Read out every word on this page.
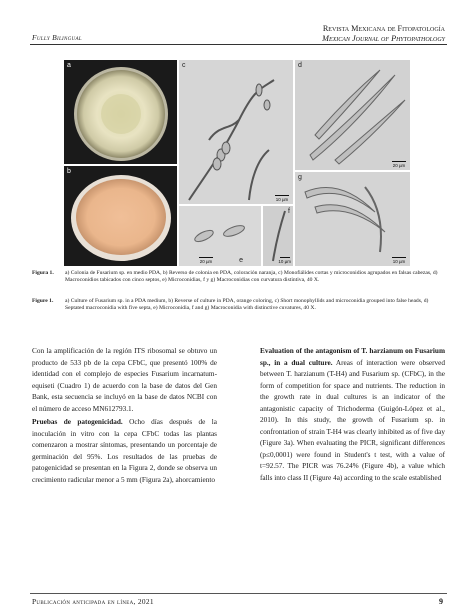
Fully Bilingual
Revista Mexicana de Fitopatología
Mexican Journal of Phytopathology
a
b
c
10 µm
d
20 µm
e
20 µm
f
10 µm
g
10 µm
Figura 1.	a) Colonia de Fusarium sp. en medio PDA, b) Reverso de colonia en PDA, coloración naranja, c) Monofiálides cortas y microconidios agrupados en falsas cabezas, d) Macroconidios tabicados con cinco septos, e) Microconidias, f y g) Macroconidias con curvatura distintiva, 40 X.
Figure 1.	a) Culture of Fusarium sp. in a PDA medium, b) Reverse of culture in PDA, orange coloring, c) Short monophyllids and microconidia grouped into false heads, d) Septated macroconidia with five septa, e) Microconidia, f and g) Macroconidia with distinctive cuvatures, 40 X.

Con la amplificación de la región ITS ribosomal se obtuvo un producto de 533 pb de la cepa CFbC, que presentó 100% de identidad con el complejo de especies Fusarium incarnatum-equiseti (Cuadro 1) de acuerdo con la base de datos del Gen Bank, esta secuencia se incluyó en la base de datos NCBI con el número de acceso MN612793.1.

Pruebas de patogenicidad. Ocho días después de la inoculación in vitro con la cepa CFbC todas las plantas comenzaron a mostrar síntomas, presentando un porcentaje de germinación del 95%. Los resultados de las pruebas de patogenicidad se presentan en la Figura 2, donde se observa un crecimiento radicular menor a 5 mm (Figura 2a), ahorcamiento

Evaluation of the antagonism of T. harzianum on Fusarium sp., in a dual culture. Areas of interaction were observed between T. harzianum (T-H4) and Fusarium sp. (CFbC), in the form of competition for space and nutrients. The reduction in the growth rate in dual cultures is an indicator of the antagonistic capacity of Trichoderma (Guigón-López et al., 2010). In this study, the growth of Fusarium sp. in confrontation of strain T-H4 was clearly inhibited as of five day (Figure 3a). When evaluating the PICR, significant differences (p≤0,0001) were found in Student's t test, with a value of t=92.57. The PICR was 76.24% (Figure 4b), a value which falls into class II (Figure 4a) according to the scale established

Publicación anticipada en línea, 2021	9
